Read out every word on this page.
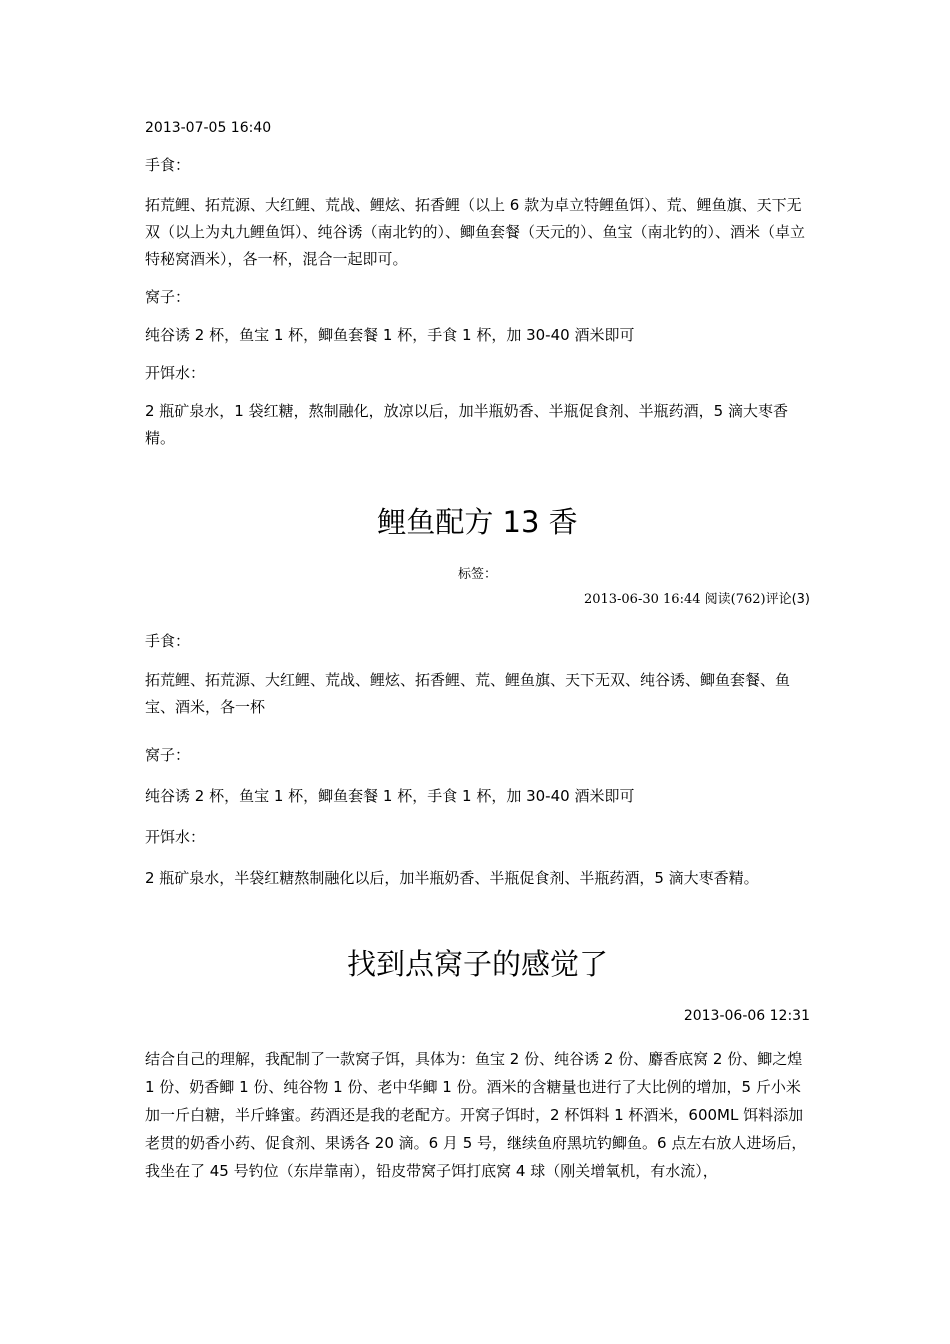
2013-07-05 16:40

手食：

拓荒鲤、拓荒源、大红鲤、荒战、鲤炫、拓香鲤（以上 6 款为卓立特鲤鱼饵）、荒、鲤鱼旗、天下无双（以上为丸九鲤鱼饵）、纯谷诱（南北钓的）、鲫鱼套餐（天元的）、鱼宝（南北钓的）、酒米（卓立特秘窝酒米），各一杯，混合一起即可。

窝子：

纯谷诱 2 杯，鱼宝 1 杯，鲫鱼套餐 1 杯，手食 1 杯，加 30-40 酒米即可

开饵水：

2 瓶矿泉水，1 袋红糖，熬制融化，放凉以后，加半瓶奶香、半瓶促食剂、半瓶药酒，5 滴大枣香精。

鲤鱼配方 13 香

标签：

2013-06-30 16:44 阅读(762)评论(3)

手食：

拓荒鲤、拓荒源、大红鲤、荒战、鲤炫、拓香鲤、荒、鲤鱼旗、天下无双、纯谷诱、鲫鱼套餐、鱼宝、酒米，各一杯

窝子：

纯谷诱 2 杯，鱼宝 1 杯，鲫鱼套餐 1 杯，手食 1 杯，加 30-40 酒米即可

开饵水：

2 瓶矿泉水，半袋红糖熬制融化以后，加半瓶奶香、半瓶促食剂、半瓶药酒，5 滴大枣香精。

找到点窝子的感觉了

2013-06-06 12:31

结合自己的理解，我配制了一款窝子饵，具体为：鱼宝 2 份、纯谷诱 2 份、麝香底窝 2 份、鲫之煌 1 份、奶香鲫 1 份、纯谷物 1 份、老中华鲫 1 份。酒米的含糖量也进行了大比例的增加，5 斤小米加一斤白糖，半斤蜂蜜。药酒还是我的老配方。开窝子饵时，2 杯饵料 1 杯酒米，600ML 饵料添加老贯的奶香小药、促食剂、果诱各 20 滴。6 月 5 号，继续鱼府黑坑钓鲫鱼。6 点左右放人进场后，我坐在了 45 号钓位（东岸靠南），铅皮带窝子饵打底窝 4 球（刚关增氧机，有水流），
